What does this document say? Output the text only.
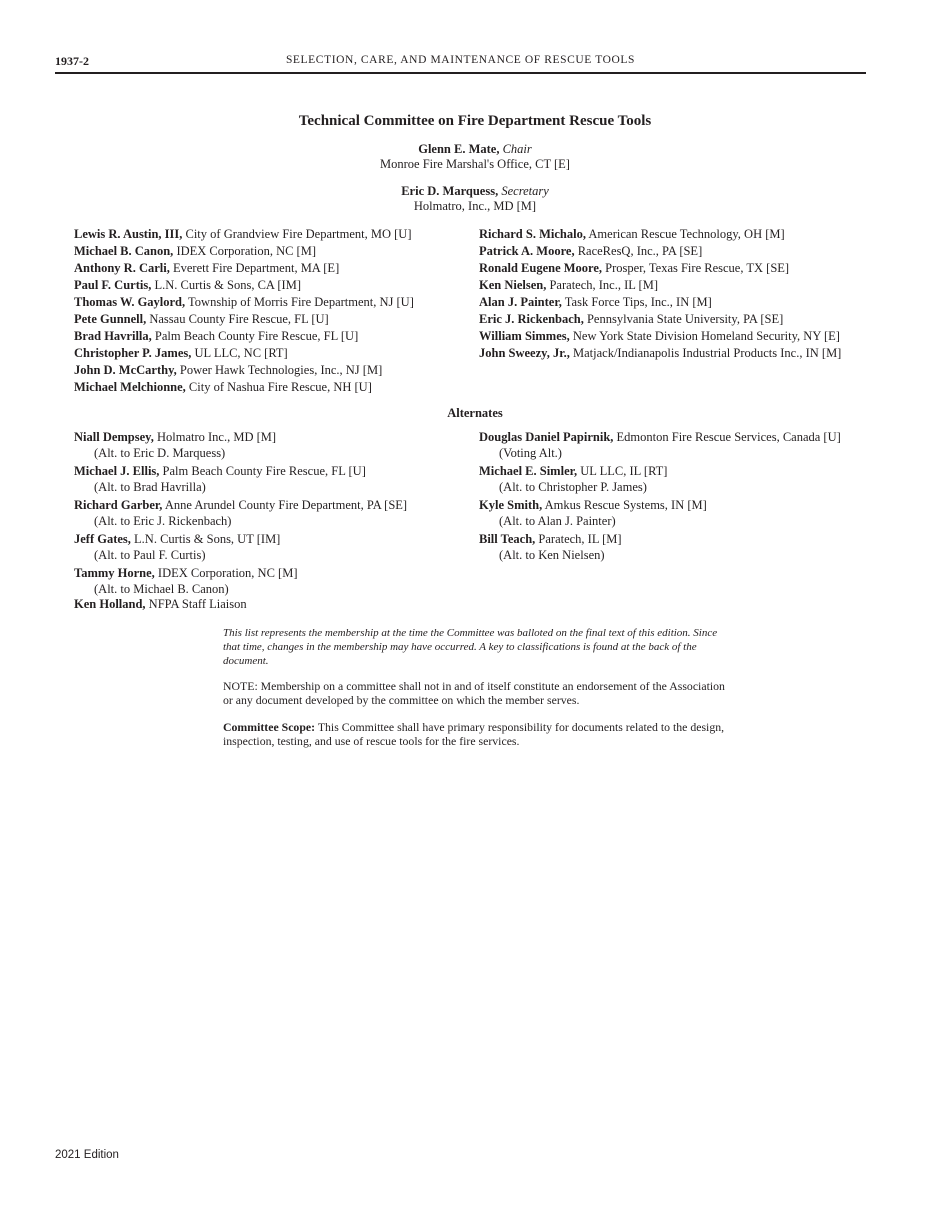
1937-2	SELECTION, CARE, AND MAINTENANCE OF RESCUE TOOLS
Technical Committee on Fire Department Rescue Tools
Glenn E. Mate, Chair
Monroe Fire Marshal's Office, CT [E]
Eric D. Marquess, Secretary
Holmatro, Inc., MD [M]

Lewis R. Austin, III, City of Grandview Fire Department, MO [U]

Michael B. Canon, IDEX Corporation, NC [M]

Anthony R. Carli, Everett Fire Department, MA [E]

Paul F. Curtis, L.N. Curtis & Sons, CA [IM]

Thomas W. Gaylord, Township of Morris Fire Department, NJ [U]

Pete Gunnell, Nassau County Fire Rescue, FL [U]

Brad Havrilla, Palm Beach County Fire Rescue, FL [U]

Christopher P. James, UL LLC, NC [RT]

John D. McCarthy, Power Hawk Technologies, Inc., NJ [M]

Michael Melchionne, City of Nashua Fire Rescue, NH [U]

Richard S. Michalo, American Rescue Technology, OH [M]

Patrick A. Moore, RaceResQ, Inc., PA [SE]

Ronald Eugene Moore, Prosper, Texas Fire Rescue, TX [SE]

Ken Nielsen, Paratech, Inc., IL [M]

Alan J. Painter, Task Force Tips, Inc., IN [M]

Eric J. Rickenbach, Pennsylvania State University, PA [SE]

William Simmes, New York State Division Homeland Security, NY [E]

John Sweezy, Jr., Matjack/Indianapolis Industrial Products Inc., IN [M]

Alternates

Niall Dempsey, Holmatro Inc., MD [M]
(Alt. to Eric D. Marquess)

Michael J. Ellis, Palm Beach County Fire Rescue, FL [U]
(Alt. to Brad Havrilla)

Richard Garber, Anne Arundel County Fire Department, PA [SE]
(Alt. to Eric J. Rickenbach)

Jeff Gates, L.N. Curtis & Sons, UT [IM]
(Alt. to Paul F. Curtis)

Tammy Horne, IDEX Corporation, NC [M]
(Alt. to Michael B. Canon)

Douglas Daniel Papirnik, Edmonton Fire Rescue Services, Canada [U]
(Voting Alt.)

Michael E. Simler, UL LLC, IL [RT]
(Alt. to Christopher P. James)

Kyle Smith, Amkus Rescue Systems, IN [M]
(Alt. to Alan J. Painter)

Bill Teach, Paratech, IL [M]
(Alt. to Ken Nielsen)

Ken Holland, NFPA Staff Liaison
This list represents the membership at the time the Committee was balloted on the final text of this edition. Since that time, changes in the membership may have occurred. A key to classifications is found at the back of the document.
NOTE: Membership on a committee shall not in and of itself constitute an endorsement of the Association or any document developed by the committee on which the member serves.
Committee Scope: This Committee shall have primary responsibility for documents related to the design, inspection, testing, and use of rescue tools for the fire services.
2021 Edition
